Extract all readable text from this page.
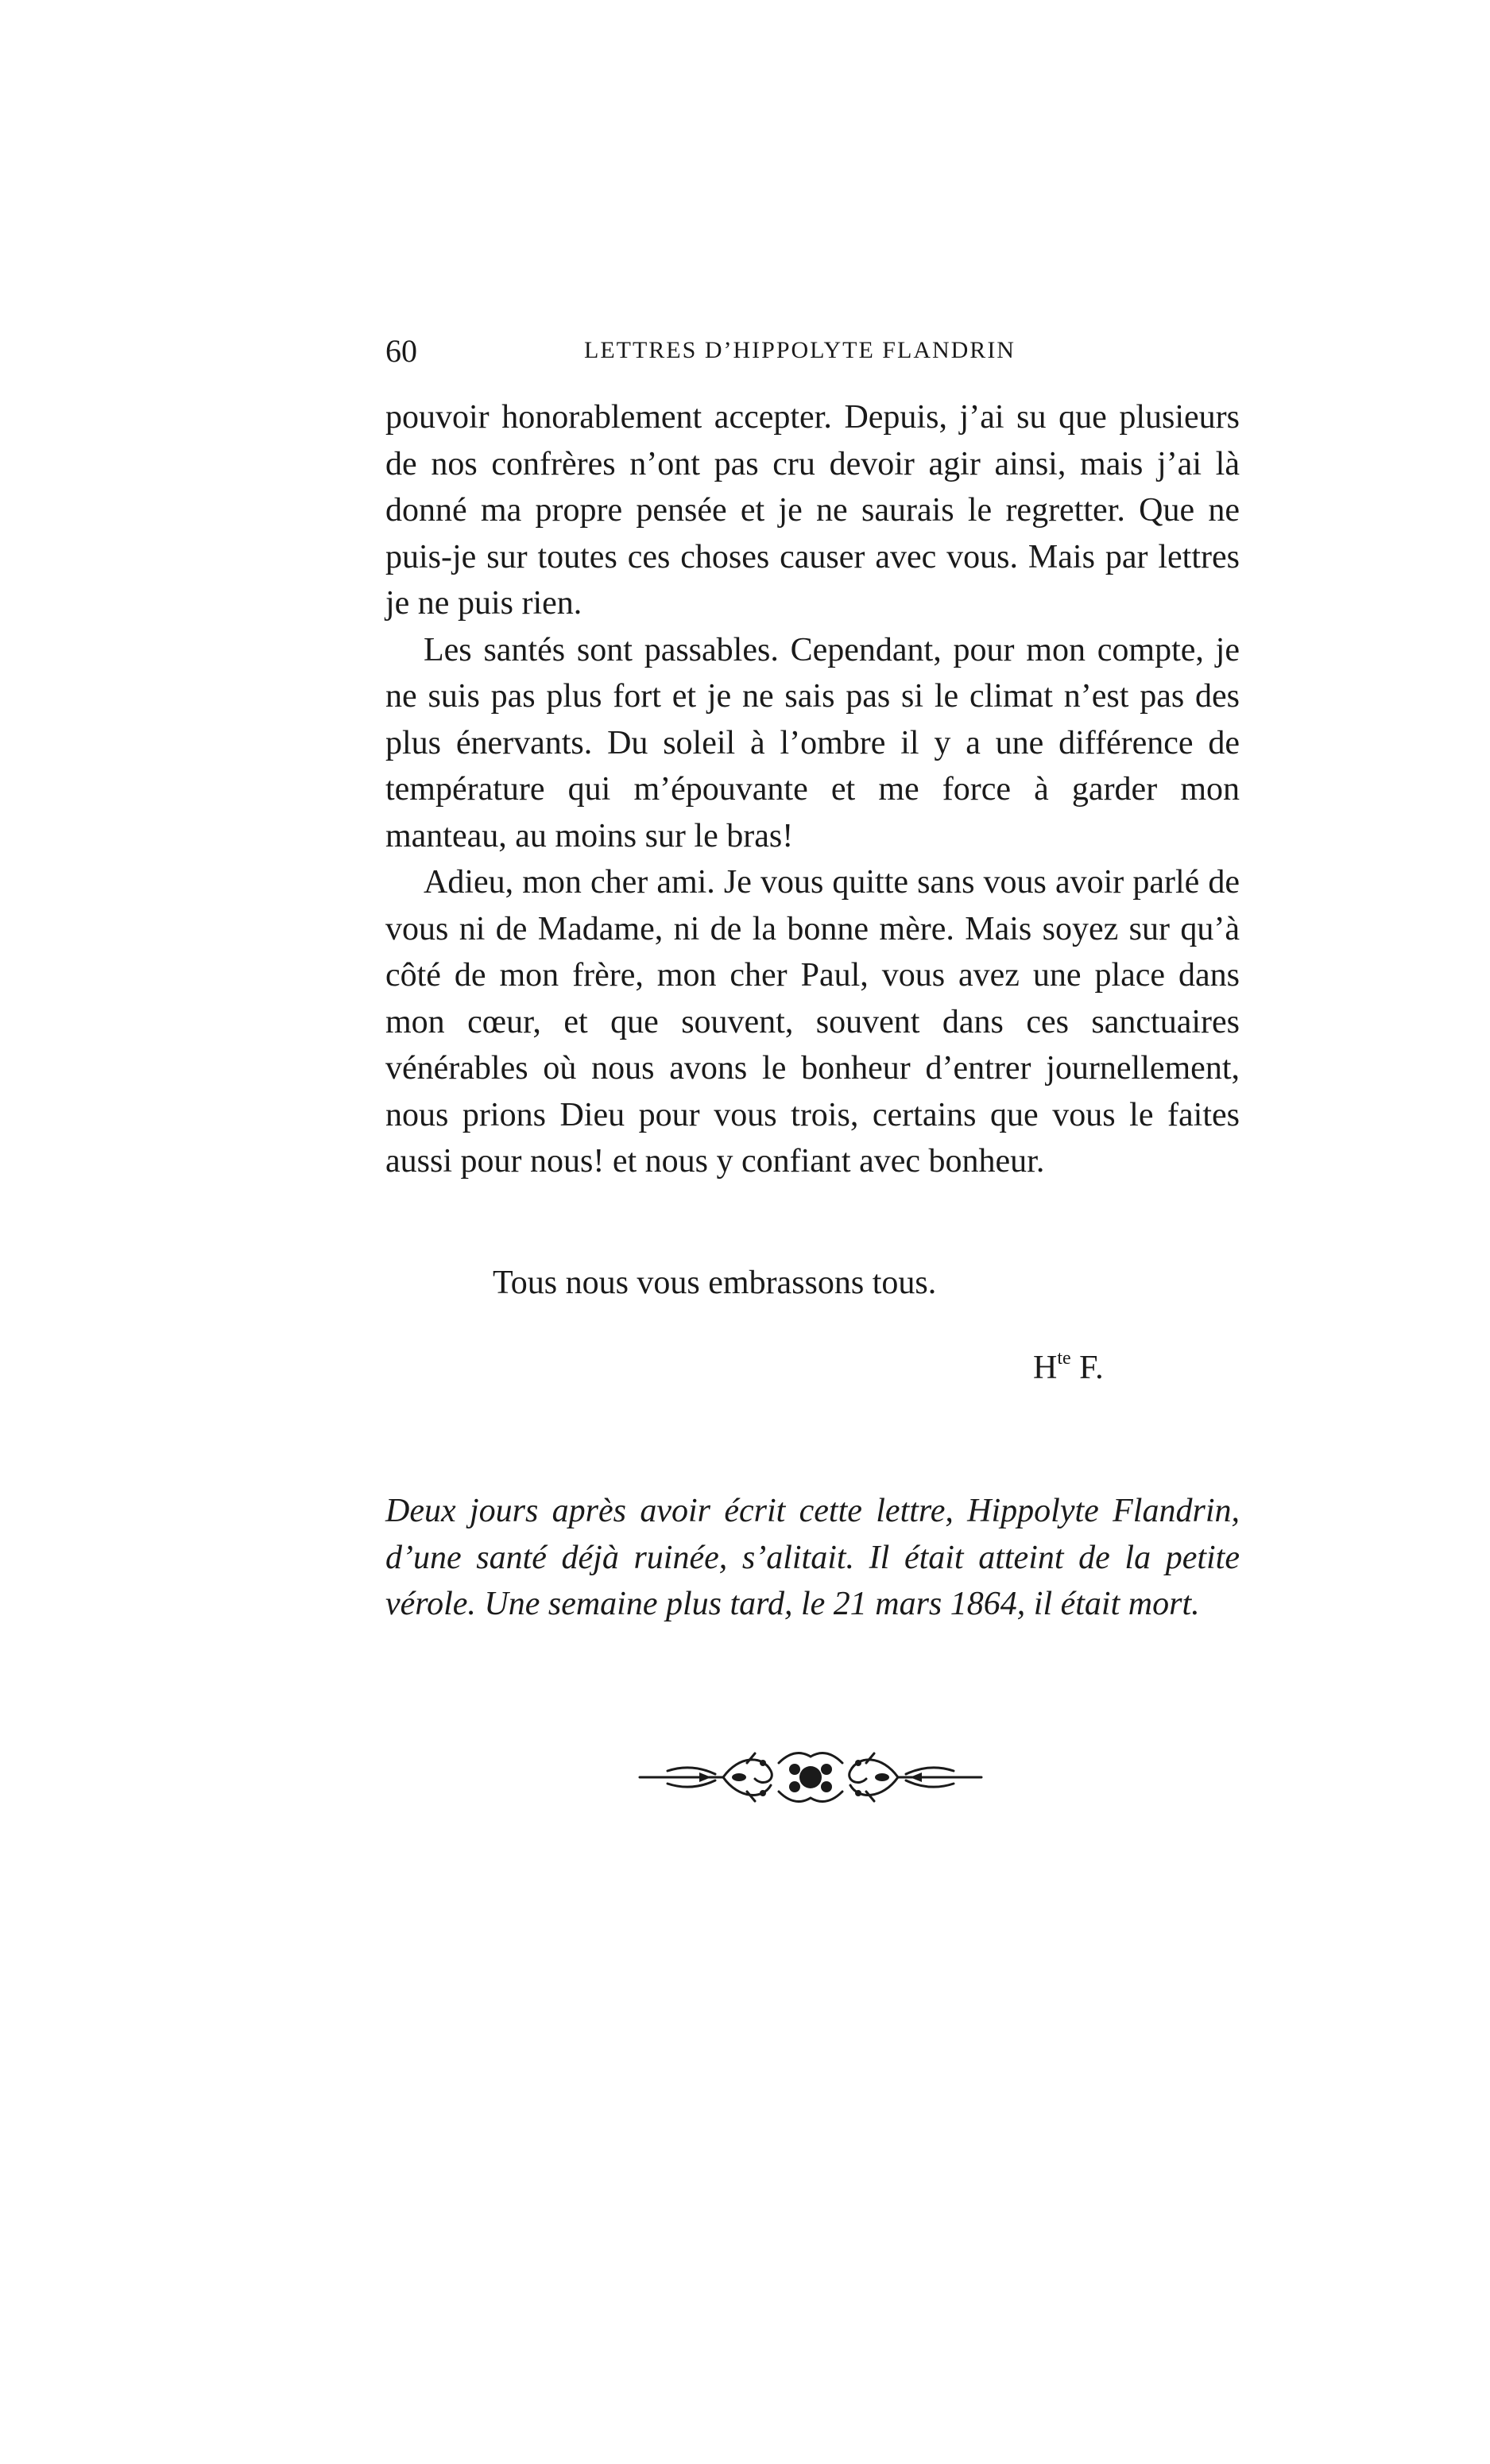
60	LETTRES D’HIPPOLYTE FLANDRIN

pouvoir honorablement accepter. Depuis, j’ai su que plusieurs de nos confrères n’ont pas cru devoir agir ainsi, mais j’ai là donné ma propre pensée et je ne saurais le regretter. Que ne puis-je sur toutes ces choses causer avec vous. Mais par lettres je ne puis rien.

Les santés sont passables. Cependant, pour mon compte, je ne suis pas plus fort et je ne sais pas si le climat n’est pas des plus énervants. Du soleil à l’ombre il y a une différence de température qui m’épouvante et me force à garder mon manteau, au moins sur le bras!

Adieu, mon cher ami. Je vous quitte sans vous avoir parlé de vous ni de Madame, ni de la bonne mère. Mais soyez sur qu’à côté de mon frère, mon cher Paul, vous avez une place dans mon cœur, et que souvent, souvent dans ces sanctuaires vénérables où nous avons le bonheur d’entrer journellement, nous prions Dieu pour vous trois, certains que vous le faites aussi pour nous! et nous y confiant avec bonheur.

Tous nous vous embrassons tous.
$H^{te}$ F.
Deux jours après avoir écrit cette lettre, Hippolyte Flandrin, d’une santé déjà ruinée, s’alitait. Il était atteint de la petite vérole. Une semaine plus tard, le 21 mars 1864, il était mort.
